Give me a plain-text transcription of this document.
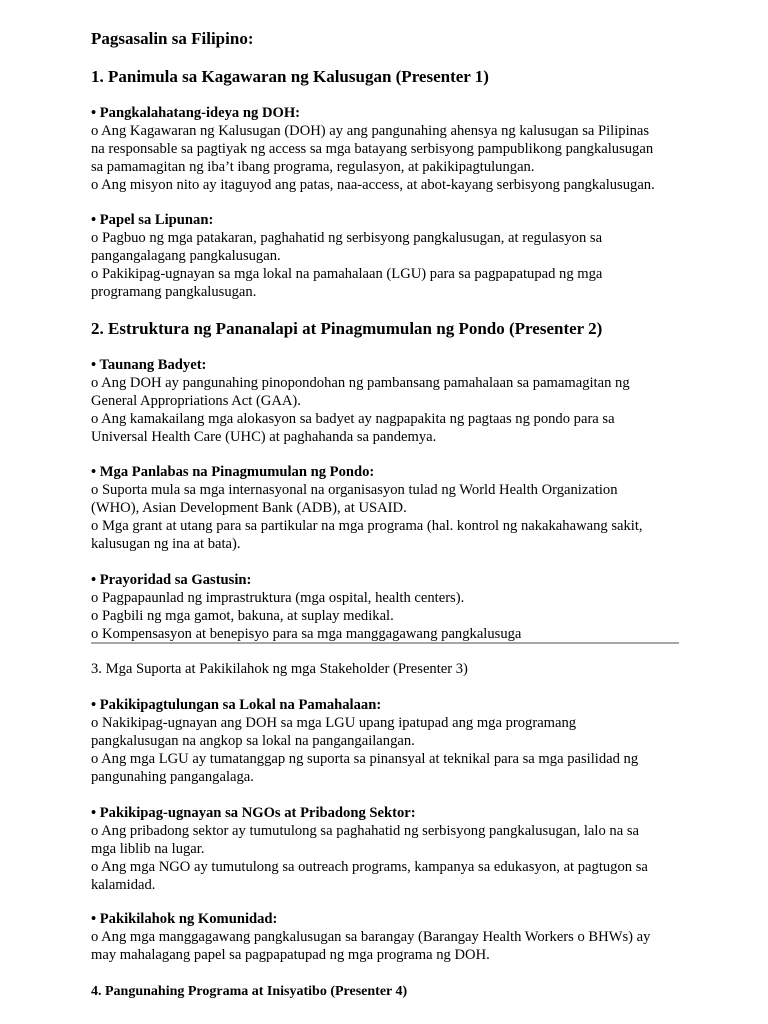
Pagsasalin sa Filipino:
1. Panimula sa Kagawaran ng Kalusugan (Presenter 1)
• Pangkalahatang-ideya ng DOH:
o Ang Kagawaran ng Kalusugan (DOH) ay ang pangunahing ahensya ng kalusugan sa Pilipinas
na responsable sa pagtiyak ng access sa mga batayang serbisyong pampublikong pangkalusugan
sa pamamagitan ng iba’t ibang programa, regulasyon, at pakikipagtulungan.
o Ang misyon nito ay itaguyod ang patas, naa-access, at abot-kayang serbisyong pangkalusugan.
• Papel sa Lipunan:
o Pagbuo ng mga patakaran, paghahatid ng serbisyong pangkalusugan, at regulasyon sa
pangangalagang pangkalusugan.
o Pakikipag-ugnayan sa mga lokal na pamahalaan (LGU) para sa pagpapatupad ng mga
programang pangkalusugan.
2. Estruktura ng Pananalapi at Pinagmumulan ng Pondo (Presenter 2)
• Taunang Badyet:
o Ang DOH ay pangunahing pinopondohan ng pambansang pamahalaan sa pamamagitan ng
General Appropriations Act (GAA).
o Ang kamakailang mga alokasyon sa badyet ay nagpapakita ng pagtaas ng pondo para sa
Universal Health Care (UHC) at paghahanda sa pandemya.
• Mga Panlabas na Pinagmumulan ng Pondo:
o Suporta mula sa mga internasyonal na organisasyon tulad ng World Health Organization
(WHO), Asian Development Bank (ADB), at USAID.
o Mga grant at utang para sa partikular na mga programa (hal. kontrol ng nakakahawang sakit,
kalusugan ng ina at bata).
• Prayoridad sa Gastusin:
o Pagpapaunlad ng imprastruktura (mga ospital, health centers).
o Pagbili ng mga gamot, bakuna, at suplay medikal.
o Kompensasyon at benepisyo para sa mga manggagawang pangkalusuga
3. Mga Suporta at Pakikilahok ng mga Stakeholder (Presenter 3)
• Pakikipagtulungan sa Lokal na Pamahalaan:
o Nakikipag-ugnayan ang DOH sa mga LGU upang ipatupad ang mga programang
pangkalusugan na angkop sa lokal na pangangailangan.
o Ang mga LGU ay tumatanggap ng suporta sa pinansyal at teknikal para sa mga pasilidad ng
pangunahing pangangalaga.
• Pakikipag-ugnayan sa NGOs at Pribadong Sektor:
o Ang pribadong sektor ay tumutulong sa paghahatid ng serbisyong pangkalusugan, lalo na sa
mga liblib na lugar.
o Ang mga NGO ay tumutulong sa outreach programs, kampanya sa edukasyon, at pagtugon sa
kalamidad.
• Pakikilahok ng Komunidad:
o Ang mga manggagawang pangkalusugan sa barangay (Barangay Health Workers o BHWs) ay
may mahalagang papel sa pagpapatupad ng mga programa ng DOH.
4. Pangunahing Programa at Inisyatibo (Presenter 4)
